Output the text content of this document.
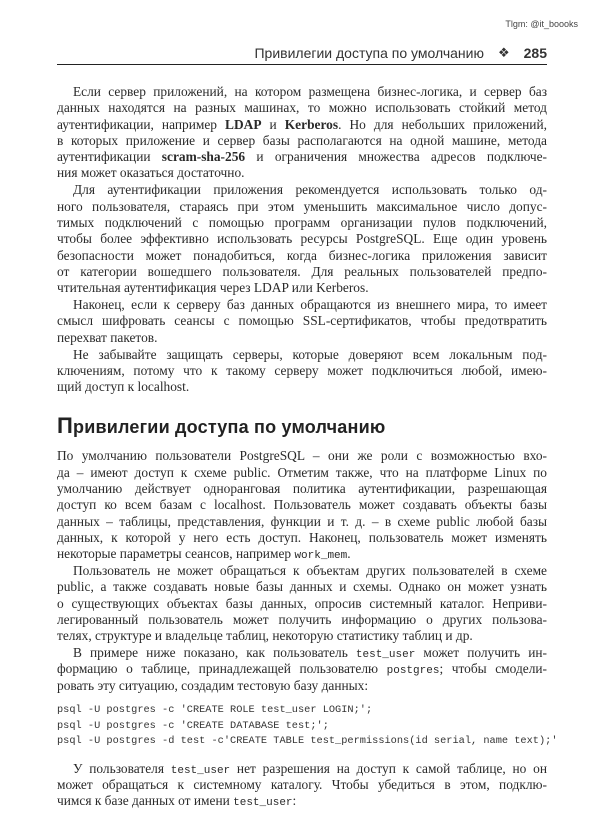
Tlgm: @it_boooks
Привилегии доступа по умолчанию ❖ 285
Если сервер приложений, на котором размещена бизнес-логика, и сервер баз
данных находятся на разных машинах, то можно использовать стойкий метод
аутентификации, например LDAP и Kerberos. Но для небольших приложений,
в которых приложение и сервер базы располагаются на одной машине, метода
аутентификации scram-sha-256 и ограничения множества адресов подключе-
ния может оказаться достаточно.
Для аутентификации приложения рекомендуется использовать только од-
ного пользователя, стараясь при этом уменьшить максимальное число допус-
тимых подключений с помощью программ организации пулов подключений,
чтобы более эффективно использовать ресурсы PostgreSQL. Еще один уровень
безопасности может понадобиться, когда бизнес-логика приложения зависит
от категории вошедшего пользователя. Для реальных пользователей предпо-
чтительная аутентификация через LDAP или Kerberos.
Наконец, если к серверу баз данных обращаются из внешнего мира, то имеет
смысл шифровать сеансы с помощью SSL-сертификатов, чтобы предотвратить
перехват пакетов.
Не забывайте защищать серверы, которые доверяют всем локальным под-
ключениям, потому что к такому серверу может подключиться любой, имею-
щий доступ к localhost.
Привилегии доступа по умолчанию
По умолчанию пользователи PostgreSQL – они же роли с возможностью вхо-
да – имеют доступ к схеме public. Отметим также, что на платформе Linux по
умолчанию действует одноранговая политика аутентификации, разрешающая
доступ ко всем базам с localhost. Пользователь может создавать объекты базы
данных – таблицы, представления, функции и т. д. – в схеме public любой базы
данных, к которой у него есть доступ. Наконец, пользователь может изменять
некоторые параметры сеансов, например work_mem.
Пользователь не может обращаться к объектам других пользователей в схеме
public, а также создавать новые базы данных и схемы. Однако он может узнать
о существующих объектах базы данных, опросив системный каталог. Неприви-
легированный пользователь может получить информацию о других пользова-
телях, структуре и владельце таблиц, некоторую статистику таблиц и др.
В примере ниже показано, как пользователь test_user может получить ин-
формацию о таблице, принадлежащей пользователю postgres; чтобы смодели-
ровать эту ситуацию, создадим тестовую базу данных:
psql -U postgres -c 'CREATE ROLE test_user LOGIN;';
psql -U postgres -c 'CREATE DATABASE test;';
psql -U postgres -d test -c'CREATE TABLE test_permissions(id serial, name text);'
У пользователя test_user нет разрешения на доступ к самой таблице, но он
может обращаться к системному каталогу. Чтобы убедиться в этом, подклю-
чимся к базе данных от имени test_user:
